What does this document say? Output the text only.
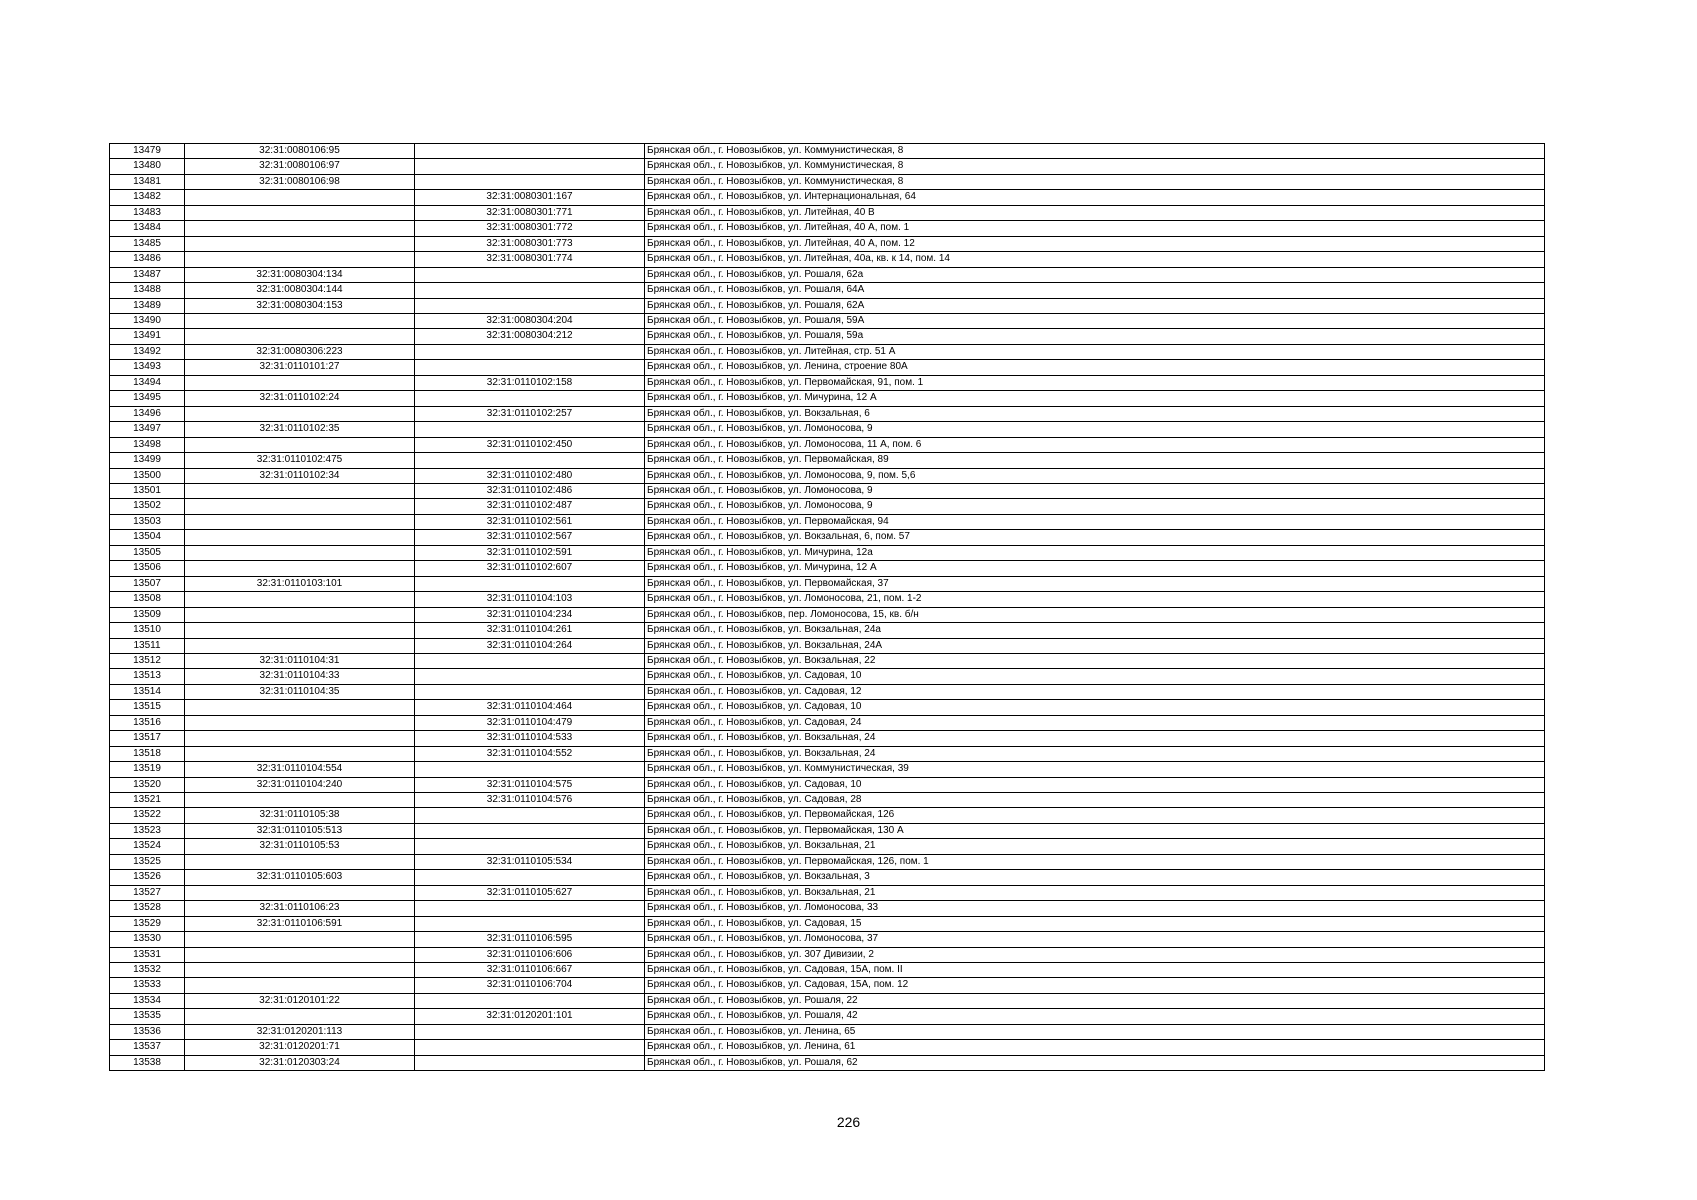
13479	32:31:0080106:95		Брянская обл., г. Новозыбков, ул. Коммунистическая, 8
13480	32:31:0080106:97		Брянская обл., г. Новозыбков, ул. Коммунистическая, 8
13481	32:31:0080106:98		Брянская обл., г. Новозыбков, ул. Коммунистическая, 8
13482		32:31:0080301:167	Брянская обл., г. Новозыбков, ул. Интернациональная, 64
13483		32:31:0080301:771	Брянская обл., г. Новозыбков, ул. Литейная, 40 В
13484		32:31:0080301:772	Брянская обл., г. Новозыбков, ул. Литейная, 40 А, пом. 1
13485		32:31:0080301:773	Брянская обл., г. Новозыбков, ул. Литейная, 40 А, пом. 12
13486		32:31:0080301:774	Брянская обл., г. Новозыбков, ул. Литейная, 40а, кв. к 14, пом. 14
13487	32:31:0080304:134		Брянская обл., г. Новозыбков, ул. Рошаля, 62а
13488	32:31:0080304:144		Брянская обл., г. Новозыбков, ул. Рошаля, 64А
13489	32:31:0080304:153		Брянская обл., г. Новозыбков, ул. Рошаля, 62А
13490		32:31:0080304:204	Брянская обл., г. Новозыбков, ул. Рошаля, 59А
13491		32:31:0080304:212	Брянская обл., г. Новозыбков, ул. Рошаля, 59а
13492	32:31:0080306:223		Брянская обл., г. Новозыбков, ул. Литейная, стр. 51 А
13493	32:31:0110101:27		Брянская обл., г. Новозыбков, ул. Ленина, строение 80А
13494		32:31:0110102:158	Брянская обл., г. Новозыбков, ул. Первомайская, 91, пом. 1
13495	32:31:0110102:24		Брянская обл., г. Новозыбков, ул. Мичурина, 12 А
13496		32:31:0110102:257	Брянская обл., г. Новозыбков, ул. Вокзальная, 6
13497	32:31:0110102:35		Брянская обл., г. Новозыбков, ул. Ломоносова, 9
13498		32:31:0110102:450	Брянская обл., г. Новозыбков, ул. Ломоносова, 11 А, пом. 6
13499	32:31:0110102:475		Брянская обл., г. Новозыбков, ул. Первомайская, 89
13500	32:31:0110102:34	32:31:0110102:480	Брянская обл., г. Новозыбков, ул. Ломоносова, 9, пом. 5,6
13501		32:31:0110102:486	Брянская обл., г. Новозыбков, ул. Ломоносова, 9
13502		32:31:0110102:487	Брянская обл., г. Новозыбков, ул. Ломоносова, 9
13503		32:31:0110102:561	Брянская обл., г. Новозыбков, ул. Первомайская, 94
13504		32:31:0110102:567	Брянская обл., г. Новозыбков, ул. Вокзальная, 6, пом. 57
13505		32:31:0110102:591	Брянская обл., г. Новозыбков, ул. Мичурина, 12а
13506		32:31:0110102:607	Брянская обл., г. Новозыбков, ул. Мичурина, 12 А
13507	32:31:0110103:101		Брянская обл., г. Новозыбков, ул. Первомайская, 37
13508		32:31:0110104:103	Брянская обл., г. Новозыбков, ул. Ломоносова, 21, пом. 1-2
13509		32:31:0110104:234	Брянская обл., г. Новозыбков, пер. Ломоносова, 15, кв. б/н
13510		32:31:0110104:261	Брянская обл., г. Новозыбков, ул. Вокзальная, 24а
13511		32:31:0110104:264	Брянская обл., г. Новозыбков, ул. Вокзальная, 24А
13512	32:31:0110104:31		Брянская обл., г. Новозыбков, ул. Вокзальная, 22
13513	32:31:0110104:33		Брянская обл., г. Новозыбков, ул. Садовая, 10
13514	32:31:0110104:35		Брянская обл., г. Новозыбков, ул. Садовая, 12
13515		32:31:0110104:464	Брянская обл., г. Новозыбков, ул. Садовая, 10
13516		32:31:0110104:479	Брянская обл., г. Новозыбков, ул. Садовая, 24
13517		32:31:0110104:533	Брянская обл., г. Новозыбков, ул. Вокзальная, 24
13518		32:31:0110104:552	Брянская обл., г. Новозыбков, ул. Вокзальная, 24
13519	32:31:0110104:554		Брянская обл., г. Новозыбков, ул. Коммунистическая, 39
13520	32:31:0110104:240	32:31:0110104:575	Брянская обл., г. Новозыбков, ул. Садовая, 10
13521		32:31:0110104:576	Брянская обл., г. Новозыбков, ул. Садовая, 28
13522	32:31:0110105:38		Брянская обл., г. Новозыбков, ул. Первомайская, 126
13523	32:31:0110105:513		Брянская обл., г. Новозыбков, ул. Первомайская, 130 А
13524	32:31:0110105:53		Брянская обл., г. Новозыбков, ул. Вокзальная, 21
13525		32:31:0110105:534	Брянская обл., г. Новозыбков, ул. Первомайская, 126, пом. 1
13526	32:31:0110105:603		Брянская обл., г. Новозыбков, ул. Вокзальная, 3
13527		32:31:0110105:627	Брянская обл., г. Новозыбков, ул. Вокзальная, 21
13528	32:31:0110106:23		Брянская обл., г. Новозыбков, ул. Ломоносова, 33
13529	32:31:0110106:591		Брянская обл., г. Новозыбков, ул. Садовая, 15
13530		32:31:0110106:595	Брянская обл., г. Новозыбков, ул. Ломоносова, 37
13531		32:31:0110106:606	Брянская обл., г. Новозыбков, ул. 307 Дивизии, 2
13532		32:31:0110106:667	Брянская обл., г. Новозыбков, ул. Садовая, 15А, пом. II
13533		32:31:0110106:704	Брянская обл., г. Новозыбков, ул. Садовая, 15А, пом. 12
13534	32:31:0120101:22		Брянская обл., г. Новозыбков, ул. Рошаля, 22
13535		32:31:0120201:101	Брянская обл., г. Новозыбков, ул. Рошаля, 42
13536	32:31:0120201:113		Брянская обл., г. Новозыбков, ул. Ленина, 65
13537	32:31:0120201:71		Брянская обл., г. Новозыбков, ул. Ленина, 61
13538	32:31:0120303:24		Брянская обл., г. Новозыбков, ул. Рошаля, 62
226
